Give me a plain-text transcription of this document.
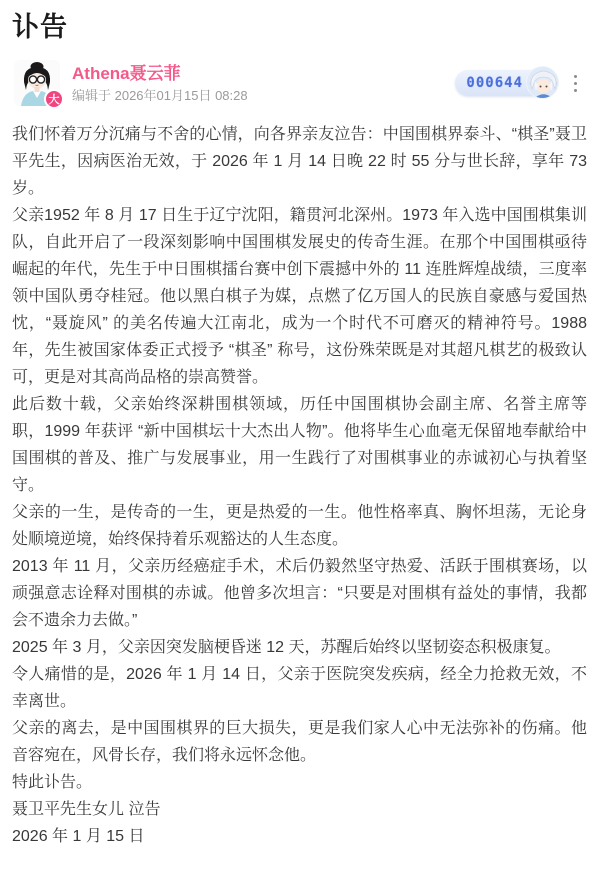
讣告
大
Athena聂云菲
编辑于 2026年01月15日 08:28
000644

我们怀着万分沉痛与不舍的心情，向各界亲友泣告：中国围棋界泰斗、“棋圣”聂卫平先生，因病医治无效，于 2026 年 1 月 14 日晚 22 时 55 分与世长辞，享年 73 岁。

父亲1952 年 8 月 17 日生于辽宁沈阳，籍贯河北深州。1973 年入选中国围棋集训队，自此开启了一段深刻影响中国围棋发展史的传奇生涯。在那个中国围棋亟待崛起的年代，先生于中日围棋擂台赛中创下震撼中外的 11 连胜辉煌战绩，三度率领中国队勇夺桂冠。他以黑白棋子为媒，点燃了亿万国人的民族自豪感与爱国热忱，“聂旋风” 的美名传遍大江南北，成为一个时代不可磨灭的精神符号。1988 年，先生被国家体委正式授予 “棋圣” 称号，这份殊荣既是对其超凡棋艺的极致认可，更是对其高尚品格的崇高赞誉。

此后数十载，父亲始终深耕围棋领域，历任中国围棋协会副主席、名誉主席等职，1999 年获评 “新中国棋坛十大杰出人物”。他将毕生心血毫无保留地奉献给中国围棋的普及、推广与发展事业，用一生践行了对围棋事业的赤诚初心与执着坚守。

父亲的一生，是传奇的一生，更是热爱的一生。他性格率真、胸怀坦荡，无论身处顺境逆境，始终保持着乐观豁达的人生态度。

2013 年 11 月，父亲历经癌症手术，术后仍毅然坚守热爱、活跃于围棋赛场，以顽强意志诠释对围棋的赤诚。他曾多次坦言：“只要是对围棋有益处的事情，我都会不遗余力去做。”

2025 年 3 月，父亲因突发脑梗昏迷 12 天，苏醒后始终以坚韧姿态积极康复。

令人痛惜的是，2026 年 1 月 14 日，父亲于医院突发疾病，经全力抢救无效，不幸离世。

父亲的离去，是中国围棋界的巨大损失，更是我们家人心中无法弥补的伤痛。他音容宛在，风骨长存，我们将永远怀念他。

特此讣告。

聂卫平先生女儿 泣告

2026 年 1 月 15 日
